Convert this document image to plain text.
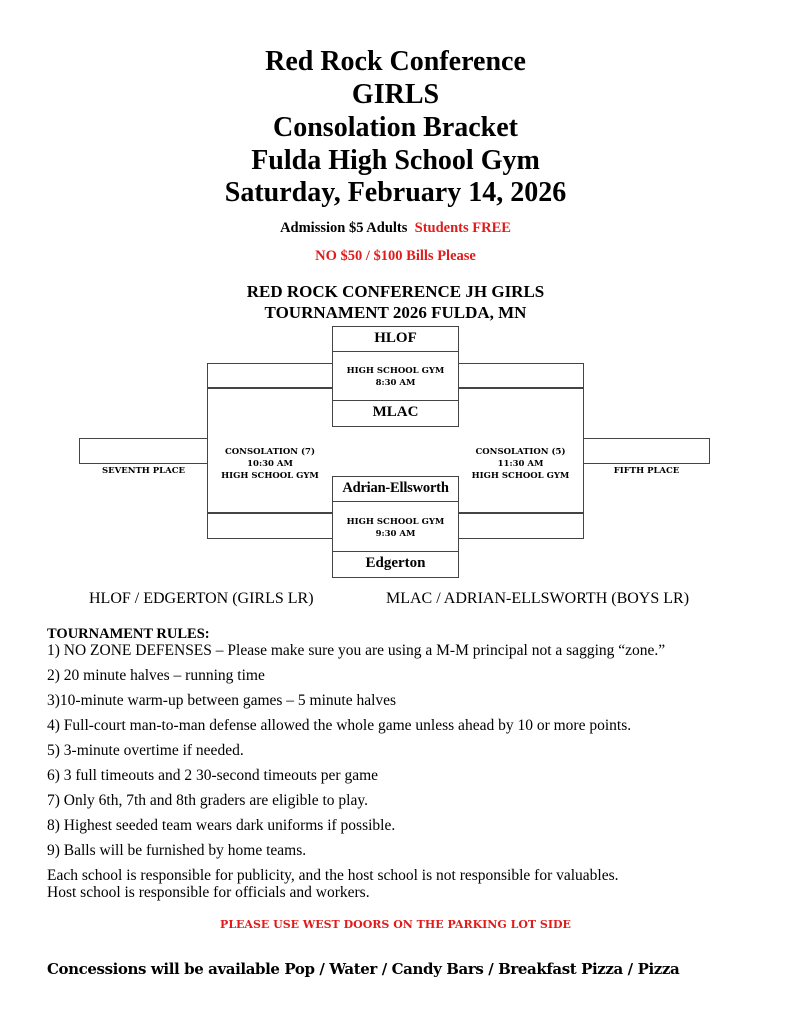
Red Rock Conference
GIRLS
Consolation Bracket
Fulda High School Gym
Saturday, February 14, 2026
Admission $5 Adults Students FREE
NO $50 / $100 Bills Please
RED ROCK CONFERENCE JH GIRLS
TOURNAMENT 2026 FULDA, MN
HLOF
HIGH SCHOOL GYM
8:30 AM
MLAC
Adrian-Ellsworth
HIGH SCHOOL GYM
9:30 AM
Edgerton
CONSOLATION (7)
10:30 AM
HIGH SCHOOL GYM
CONSOLATION (5)
11:30 AM
HIGH SCHOOL GYM
SEVENTH PLACE	FIFTH PLACE
HLOF / EDGERTON (GIRLS LR)	MLAC / ADRIAN-ELLSWORTH (BOYS LR)
TOURNAMENT RULES:
1) NO ZONE DEFENSES – Please make sure you are using a M-M principal not a sagging “zone.”
2) 20 minute halves – running time
3)10-minute warm-up between games – 5 minute halves
4) Full-court man-to-man defense allowed the whole game unless ahead by 10 or more points.
5) 3-minute overtime if needed.
6) 3 full timeouts and 2 30-second timeouts per game
7) Only 6th, 7th and 8th graders are eligible to play.
8) Highest seeded team wears dark uniforms if possible.
9) Balls will be furnished by home teams.
Each school is responsible for publicity, and the host school is not responsible for valuables.
Host school is responsible for officials and workers.
PLEASE USE WEST DOORS ON THE PARKING LOT SIDE
Concessions will be available Pop / Water / Candy Bars / Breakfast Pizza / Pizza
